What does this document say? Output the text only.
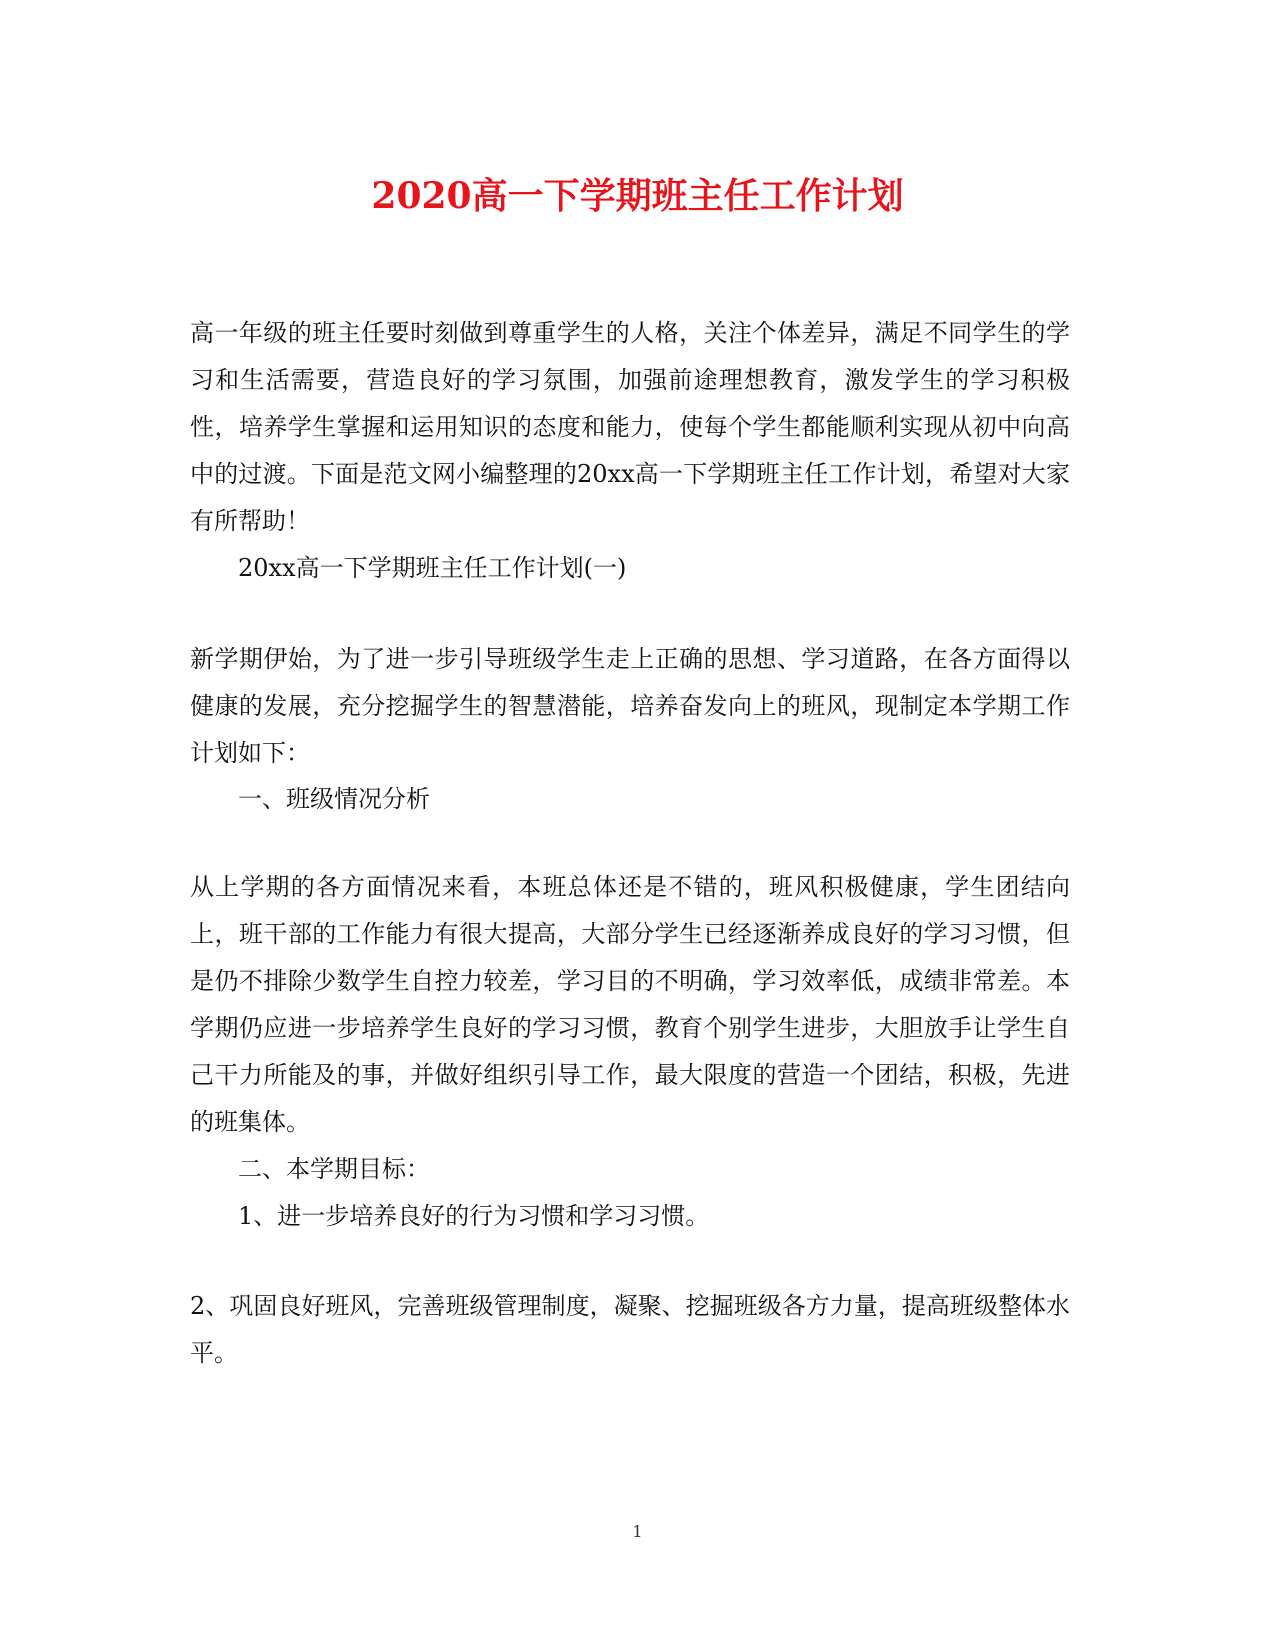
2020高一下学期班主任工作计划

高一年级的班主任要时刻做到尊重学生的人格，关注个体差异，满足不同学生的学习和生活需要，营造良好的学习氛围，加强前途理想教育，激发学生的学习积极性，培养学生掌握和运用知识的态度和能力，使每个学生都能顺利实现从初中向高中的过渡。下面是范文网小编整理的20xx高一下学期班主任工作计划，希望对大家有所帮助！

20xx高一下学期班主任工作计划(一)

新学期伊始，为了进一步引导班级学生走上正确的思想、学习道路，在各方面得以健康的发展，充分挖掘学生的智慧潜能，培养奋发向上的班风，现制定本学期工作计划如下：

一、班级情况分析

从上学期的各方面情况来看，本班总体还是不错的，班风积极健康，学生团结向上，班干部的工作能力有很大提高，大部分学生已经逐渐养成良好的学习习惯，但是仍不排除少数学生自控力较差，学习目的不明确，学习效率低，成绩非常差。本学期仍应进一步培养学生良好的学习习惯，教育个别学生进步，大胆放手让学生自己干力所能及的事，并做好组织引导工作，最大限度的营造一个团结，积极，先进的班集体。

二、本学期目标：

1、进一步培养良好的行为习惯和学习习惯。

2、巩固良好班风，完善班级管理制度，凝聚、挖掘班级各方力量，提高班级整体水平。

1
